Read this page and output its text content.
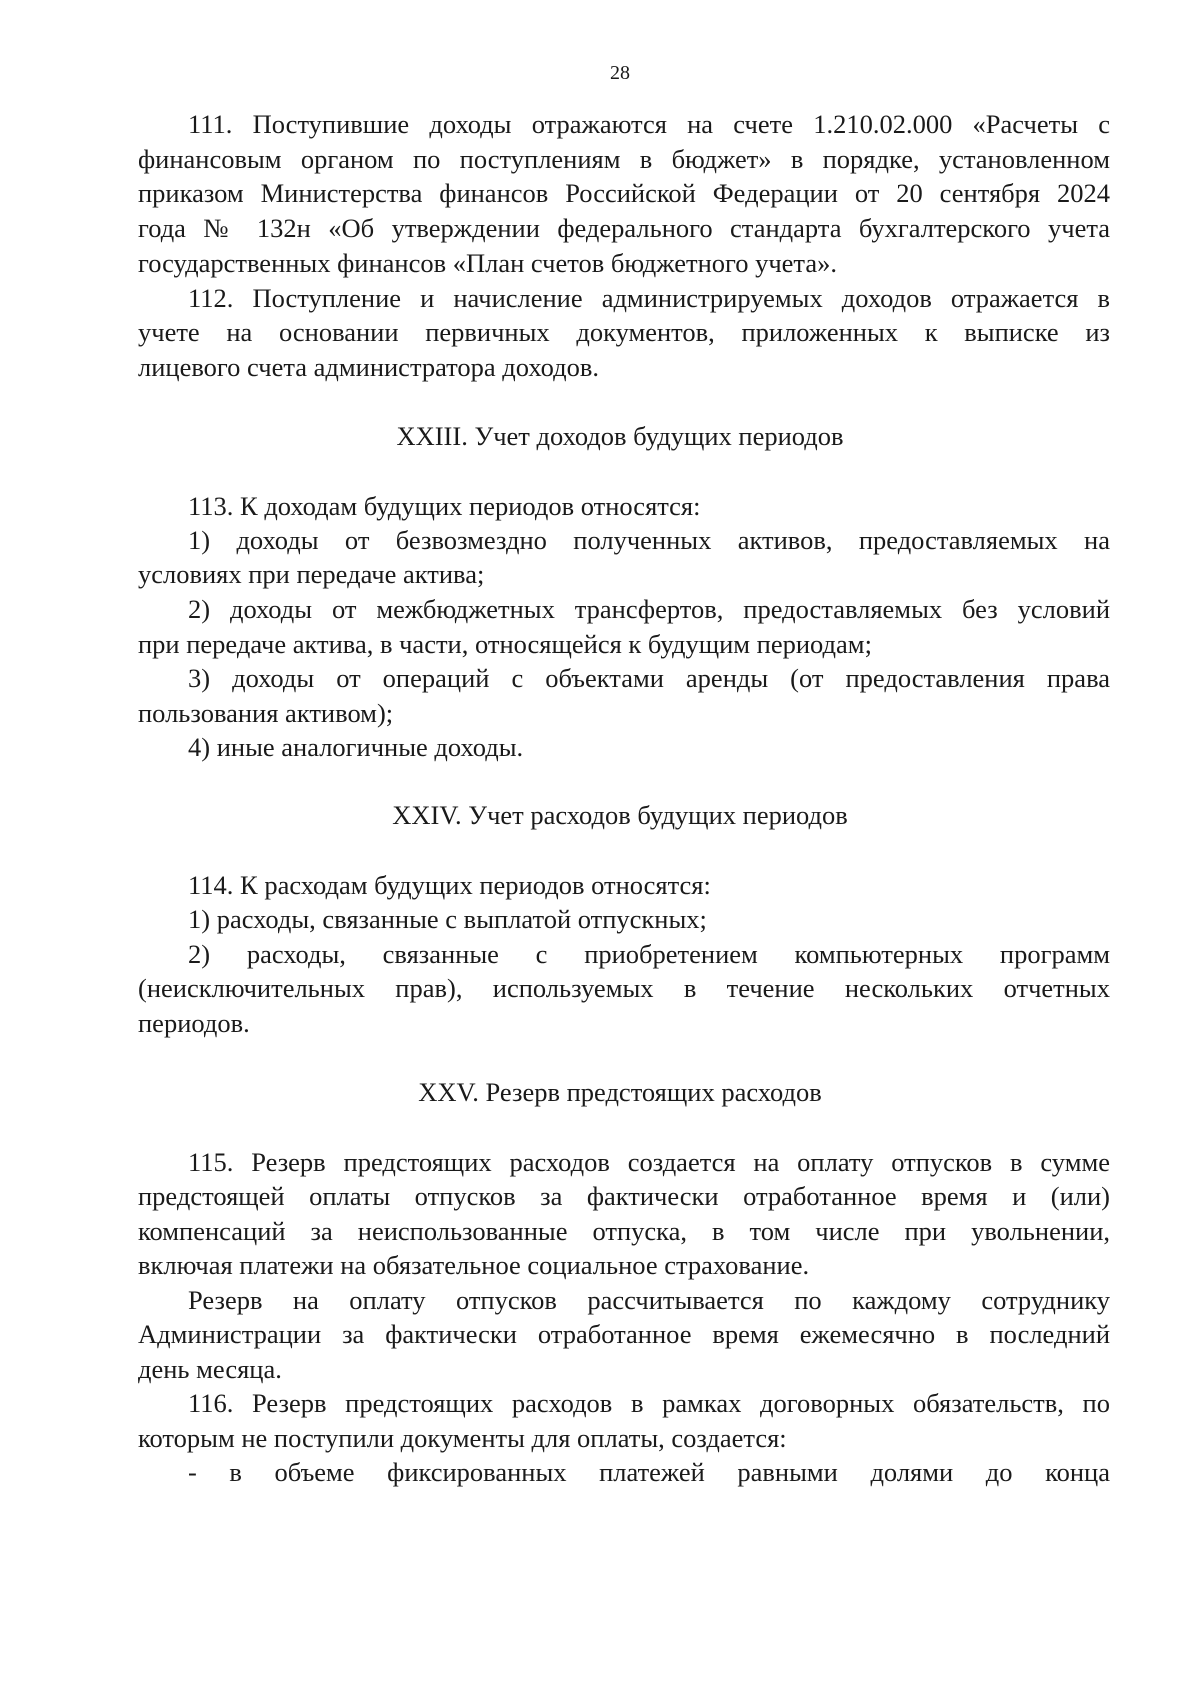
28
111. Поступившие доходы отражаются на счете 1.210.02.000 «Расчеты с
финансовым органом по поступлениям в бюджет» в порядке, установленном
приказом Министерства финансов Российской Федерации от 20 сентября 2024
года № 132н «Об утверждении федерального стандарта бухгалтерского учета
государственных финансов «План счетов бюджетного учета».
112. Поступление и начисление администрируемых доходов отражается в
учете на основании первичных документов, приложенных к выписке из
лицевого счета администратора доходов.
XXIII. Учет доходов будущих периодов
113. К доходам будущих периодов относятся:
1) доходы от безвозмездно полученных активов, предоставляемых на
условиях при передаче актива;
2) доходы от межбюджетных трансфертов, предоставляемых без условий
при передаче актива, в части, относящейся к будущим периодам;
3) доходы от операций с объектами аренды (от предоставления права
пользования активом);
4) иные аналогичные доходы.
XXIV. Учет расходов будущих периодов
114. К расходам будущих периодов относятся:
1) расходы, связанные с выплатой отпускных;
2) расходы, связанные с приобретением компьютерных программ
(неисключительных прав), используемых в течение нескольких отчетных
периодов.
XXV. Резерв предстоящих расходов
115. Резерв предстоящих расходов создается на оплату отпусков в сумме
предстоящей оплаты отпусков за фактически отработанное время и (или)
компенсаций за неиспользованные отпуска, в том числе при увольнении,
включая платежи на обязательное социальное страхование.
Резерв на оплату отпусков рассчитывается по каждому сотруднику
Администрации за фактически отработанное время ежемесячно в последний
день месяца.
116. Резерв предстоящих расходов в рамках договорных обязательств, по
которым не поступили документы для оплаты, создается:
- в объеме фиксированных платежей равными долями до конца
